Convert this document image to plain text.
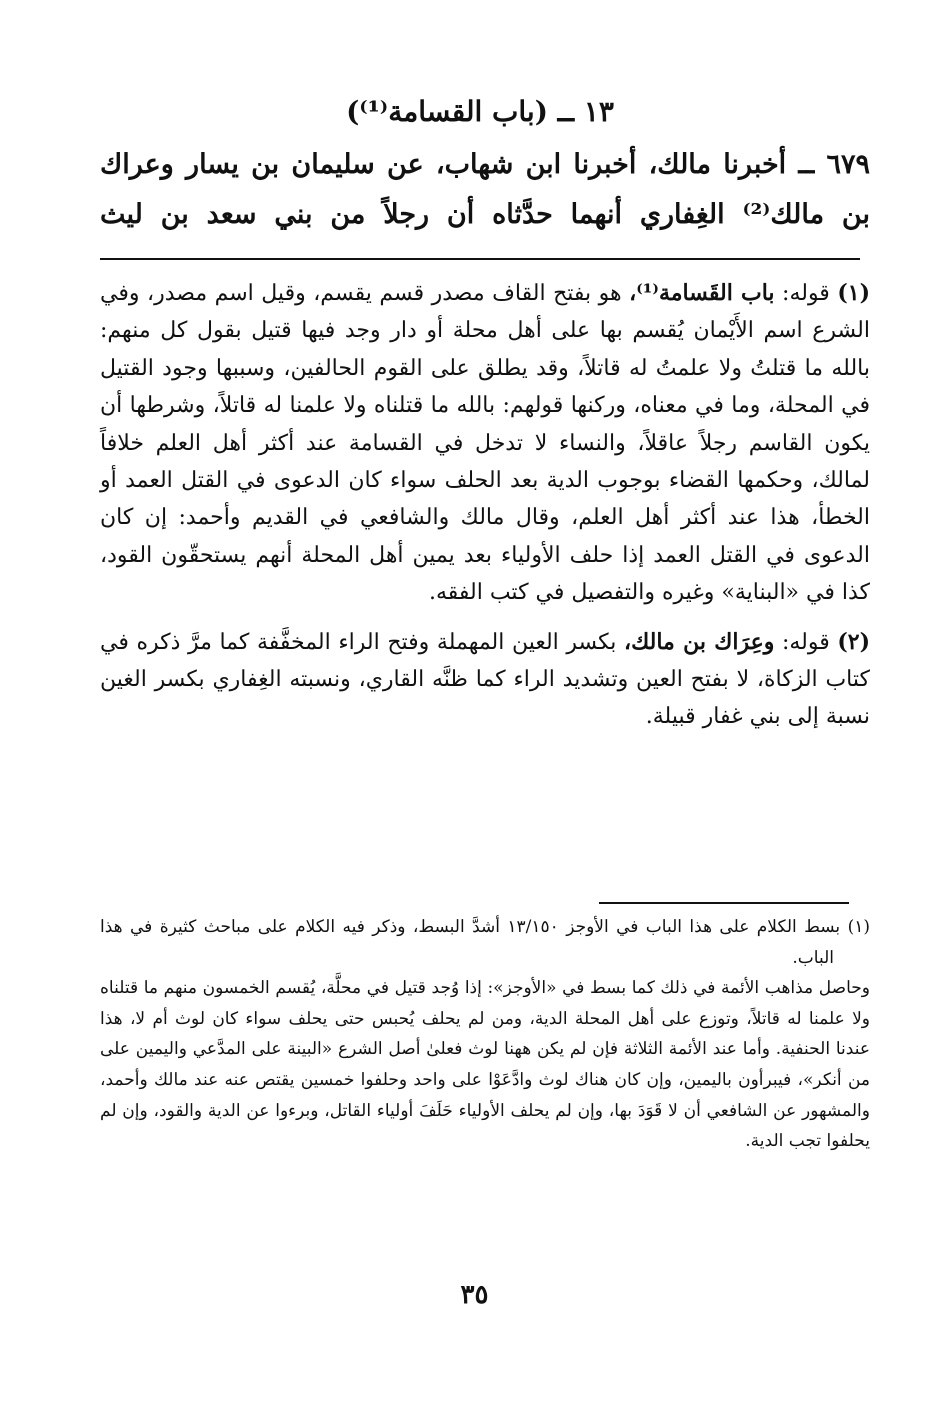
١٣ ــ (باب القسامة⁽¹⁾)

٦٧٩ ــ أخبرنا مالك، أخبرنا ابن شهاب، عن سليمان بن يسار وعراك بن مالك⁽²⁾ الغِفاري أنهما حدَّثاه أن رجلاً من بني سعد بن ليث

(١) قوله: باب القَسامة⁽¹⁾، هو بفتح القاف مصدر قسم يقسم، وقيل اسم مصدر، وفي الشرع اسم الأَيْمان يُقسم بها على أهل محلة أو دار وجد فيها قتيل بقول كل منهم: بالله ما قتلتُ ولا علمتُ له قاتلاً، وقد يطلق على القوم الحالفين، وسببها وجود القتيل في المحلة، وما في معناه، وركنها قولهم: بالله ما قتلناه ولا علمنا له قاتلاً، وشرطها أن يكون القاسم رجلاً عاقلاً، والنساء لا تدخل في القسامة عند أكثر أهل العلم خلافاً لمالك، وحكمها القضاء بوجوب الدية بعد الحلف سواء كان الدعوى في القتل العمد أو الخطأ، هذا عند أكثر أهل العلم، وقال مالك والشافعي في القديم وأحمد: إن كان الدعوى في القتل العمد إذا حلف الأولياء بعد يمين أهل المحلة أنهم يستحقّون القود، كذا في «البناية» وغيره والتفصيل في كتب الفقه.

(٢) قوله: وعِرَاك بن مالك، بكسر العين المهملة وفتح الراء المخفَّفة كما مرَّ ذكره في كتاب الزكاة، لا بفتح العين وتشديد الراء كما ظنَّه القاري، ونسبته الغِفاري بكسر الغين نسبة إلى بني غفار قبيلة.

(١) بسط الكلام على هذا الباب في الأوجز ١٣/١٥٠ أشدَّ البسط، وذكر فيه الكلام على مباحث كثيرة في هذا الباب.

وحاصل مذاهب الأئمة في ذلك كما بسط في «الأوجز»: إذا وُجد قتيل في محلَّة، يُقسم الخمسون منهم ما قتلناه ولا علمنا له قاتلاً، وتوزع على أهل المحلة الدية، ومن لم يحلف يُحبس حتى يحلف سواء كان لوث أم لا، هذا عندنا الحنفية. وأما عند الأئمة الثلاثة فإن لم يكن ههنا لوث فعلىٰ أصل الشرع «البينة على المدَّعي واليمين على من أنكر»، فيبرأون باليمين، وإن كان هناك لوث وادَّعَوْا على واحد وحلفوا خمسين يقتص عنه عند مالك وأحمد، والمشهور عن الشافعي أن لا قَوَدَ بها، وإن لم يحلف الأولياء حَلَفَ أولياء القاتل، وبرءوا عن الدية والقود، وإن لم يحلفوا تجب الدية.

٣٥
